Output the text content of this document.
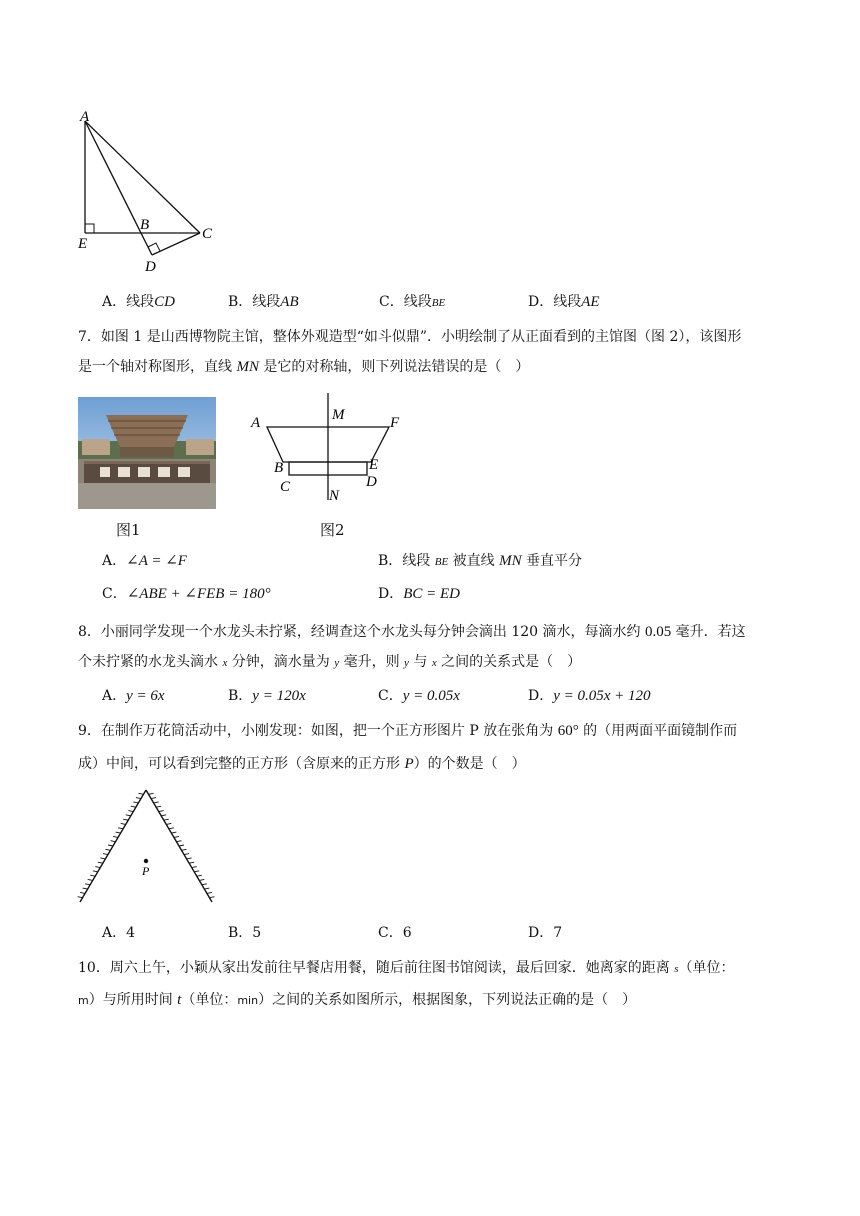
A
E
B
C
D
A．线段CD	B．线段AB	C．线段BE	D．线段AE
7．如图 1 是山西博物院主馆，整体外观造型“如斗似鼎”．小明绘制了从正面看到的主馆图（图 2），该图形
是一个轴对称图形，直线 MN 是它的对称轴，则下列说法错误的是（　）
图1
A	M	F
B	E
C	D
N
图2
A．∠A = ∠F	B．线段 BE 被直线 MN 垂直平分
C．∠ABE + ∠FEB = 180°	D．BC = ED
8．小丽同学发现一个水龙头未拧紧，经调查这个水龙头每分钟会滴出 120 滴水，每滴水约 0.05 毫升．若这
个未拧紧的水龙头滴水 x 分钟，滴水量为 y 毫升，则 y 与 x 之间的关系式是（　）
A．y = 6x	B．y = 120x	C．y = 0.05x	D．y = 0.05x + 120
9．在制作万花筒活动中，小刚发现：如图，把一个正方形图片 P 放在张角为 60° 的（用两面平面镜制作而
成）中间，可以看到完整的正方形（含原来的正方形 P）的个数是（　）
P
A．4	B．5	C．6	D．7
10．周六上午，小颖从家出发前往早餐店用餐，随后前往图书馆阅读，最后回家．她离家的距离 s（单位：
m）与所用时间 t（单位：min）之间的关系如图所示，根据图象，下列说法正确的是（　）
